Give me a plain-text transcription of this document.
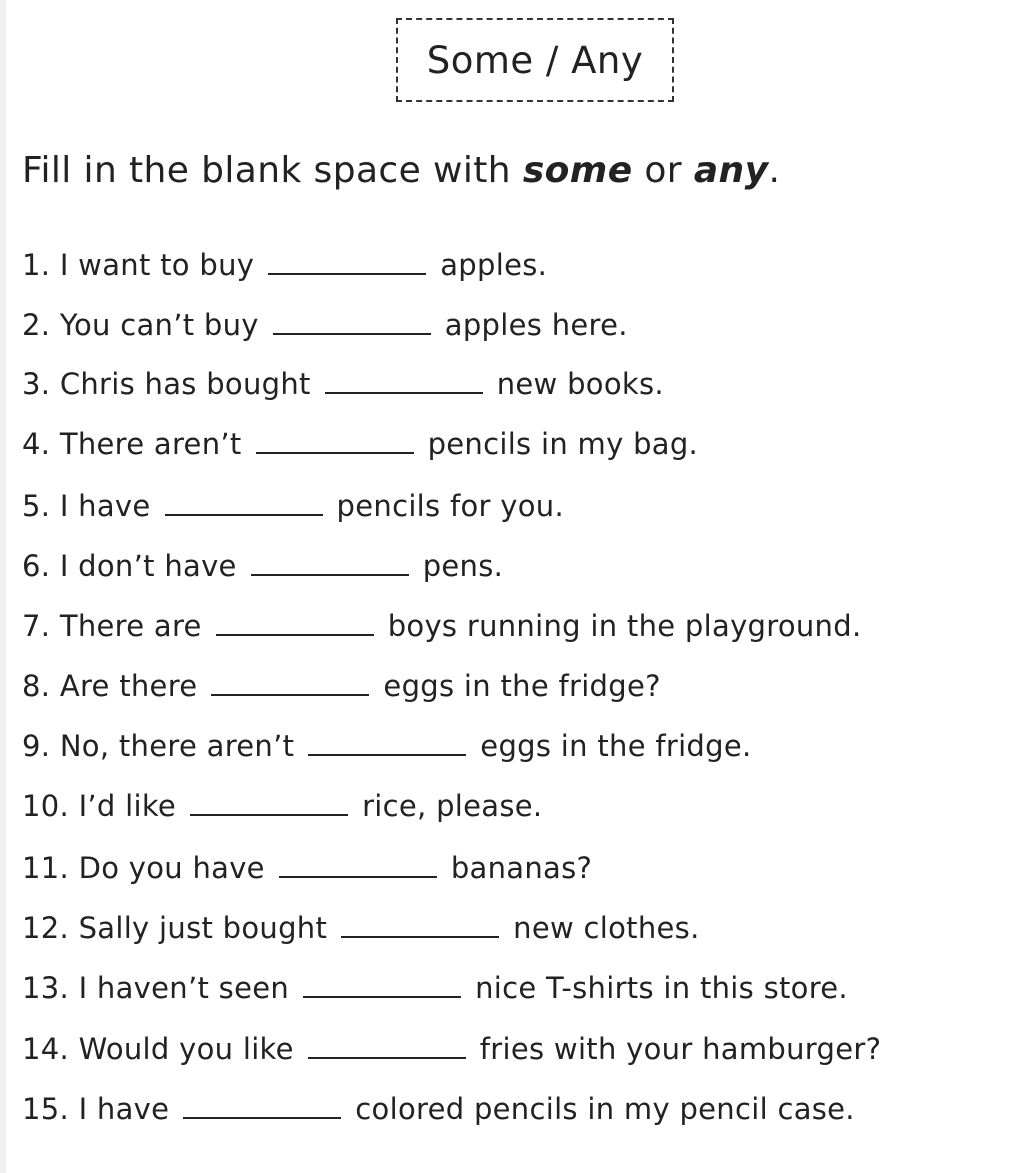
Some / Any
Fill in the blank space with some or any.
1. I want to buy	apples.
2. You can’t buy	apples here.
3. Chris has bought	new books.
4. There aren’t	pencils in my bag.
5. I have	pencils for you.
6. I don’t have	pens.
7. There are	boys running in the playground.
8. Are there	eggs in the fridge?
9. No, there aren’t	eggs in the fridge.
10. I’d like	rice, please.
11. Do you have	bananas?
12. Sally just bought	new clothes.
13. I haven’t seen	nice T-shirts in this store.
14. Would you like	fries with your hamburger?
15. I have	colored pencils in my pencil case.
